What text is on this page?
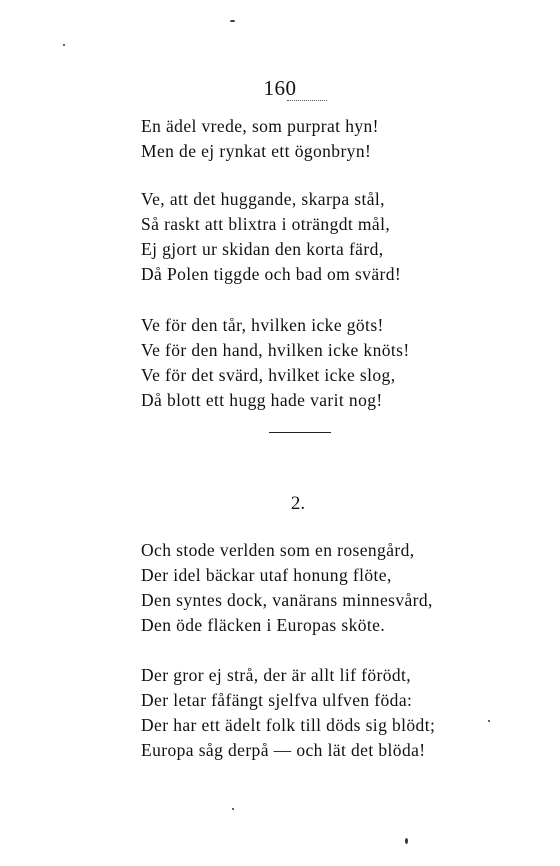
160
En ädel vrede, som purprat hyn!
Men de ej rynkat ett ögonbryn!
Ve, att det huggande, skarpa stål,
Så raskt att blixtra i oträngdt mål,
Ej gjort ur skidan den korta färd,
Då Polen tiggde och bad om svärd!
Ve för den tår, hvilken icke göts!
Ve för den hand, hvilken icke knöts!
Ve för det svärd, hvilket icke slog,
Då blott ett hugg hade varit nog!
2.
Och stode verlden som en rosengård,
Der idel bäckar utaf honung flöte,
Den syntes dock, vanärans minnesvård,
Den öde fläcken i Europas sköte.
Der gror ej strå, der är allt lif förödt,
Der letar fåfängt sjelfva ulfven föda:
Der har ett ädelt folk till döds sig blödt;
Europa såg derpå — och lät det blöda!
